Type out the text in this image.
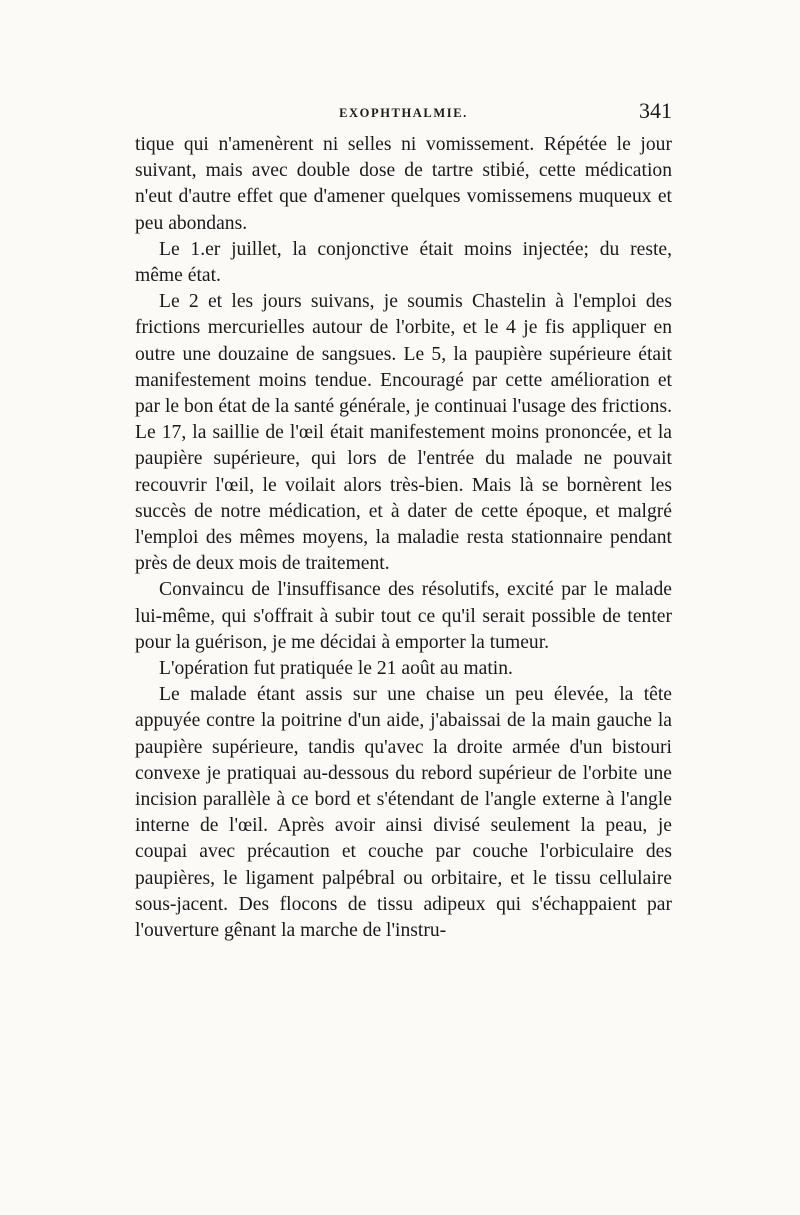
EXOPHTHALMIE.	341

tique qui n'amenèrent ni selles ni vomissement. Répétée le jour suivant, mais avec double dose de tartre stibié, cette médication n'eut d'autre effet que d'amener quelques vomissemens muqueux et peu abondans.

Le 1.er juillet, la conjonctive était moins injectée; du reste, même état.

Le 2 et les jours suivans, je soumis Chastelin à l'emploi des frictions mercurielles autour de l'orbite, et le 4 je fis appliquer en outre une douzaine de sangsues. Le 5, la paupière supérieure était manifestement moins tendue. Encouragé par cette amélioration et par le bon état de la santé générale, je continuai l'usage des frictions. Le 17, la saillie de l'œil était manifestement moins prononcée, et la paupière supérieure, qui lors de l'entrée du malade ne pouvait recouvrir l'œil, le voilait alors très-bien. Mais là se bornèrent les succès de notre médication, et à dater de cette époque, et malgré l'emploi des mêmes moyens, la maladie resta stationnaire pendant près de deux mois de traitement.

Convaincu de l'insuffisance des résolutifs, excité par le malade lui-même, qui s'offrait à subir tout ce qu'il serait possible de tenter pour la guérison, je me décidai à emporter la tumeur.

L'opération fut pratiquée le 21 août au matin.

Le malade étant assis sur une chaise un peu élevée, la tête appuyée contre la poitrine d'un aide, j'abaissai de la main gauche la paupière supérieure, tandis qu'avec la droite armée d'un bistouri convexe je pratiquai au-dessous du rebord supérieur de l'orbite une incision parallèle à ce bord et s'étendant de l'angle externe à l'angle interne de l'œil. Après avoir ainsi divisé seulement la peau, je coupai avec précaution et couche par couche l'orbiculaire des paupières, le ligament palpébral ou orbitaire, et le tissu cellulaire sous-jacent. Des flocons de tissu adipeux qui s'échappaient par l'ouverture gênant la marche de l'instru-
